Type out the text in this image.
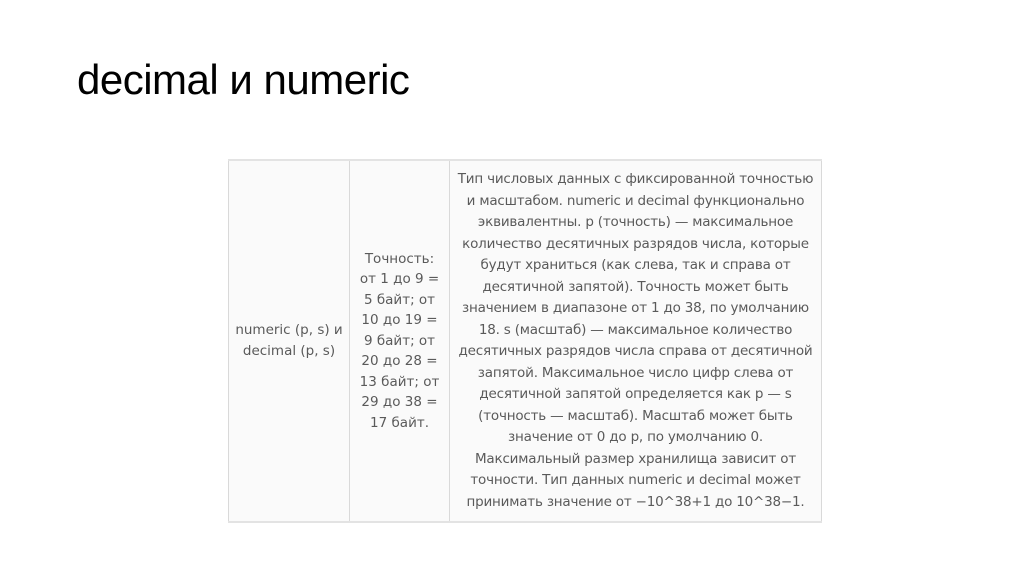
decimal и numeric
numeric (p, s) и
decimal (p, s)

Точность:
от 1 до 9 =
5 байт; от
10 до 19 =
9 байт; от
20 до 28 =
13 байт; от
29 до 38 =
17 байт.

Тип числовых данных с фиксированной точностью
и масштабом. numeric и decimal функционально
эквивалентны. p (точность) — максимальное
количество десятичных разрядов числа, которые
будут храниться (как слева, так и справа от
десятичной запятой). Точность может быть
значением в диапазоне от 1 до 38, по умолчанию
18. s (масштаб) — максимальное количество
десятичных разрядов числа справа от десятичной
запятой. Максимальное число цифр слева от
десятичной запятой определяется как p — s
(точность — масштаб). Масштаб может быть
значение от 0 до p, по умолчанию 0.
Максимальный размер хранилища зависит от
точности. Тип данных numeric и decimal может
принимать значение от −10^38+1 до 10^38−1.
